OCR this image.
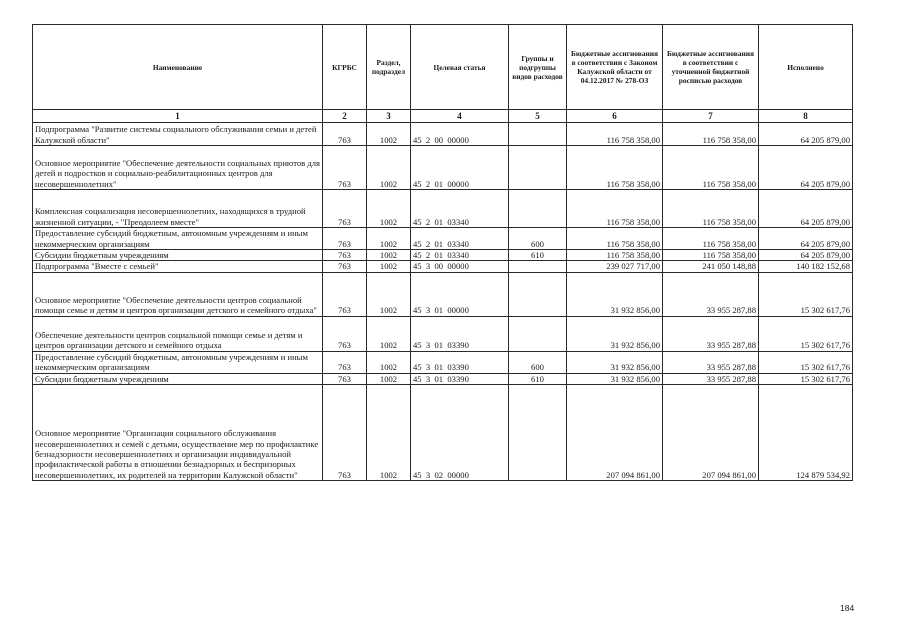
Наименование	КГРБС	Раздел, подраздел	Целевая статья	Группы и подгруппы видов расходов	Бюджетные ассигнования в соответствии с Законом Калужской области от 04.12.2017 № 278-ОЗ	Бюджетные ассигнования в соответствии с уточненной бюджетной росписью расходов	Исполнено
1	2	3	4	5	6	7	8
Подпрограмма "Развитие системы социального обслуживания семьи и детей Калужской области"	763	1002	45  2  00  00000		116 758 358,00	116 758 358,00	64 205 879,00
Основное мероприятие "Обеспечение деятельности социальных приютов для детей и подростков и социально-реабилитационных центров для несовершеннолетних"	763	1002	45  2  01  00000		116 758 358,00	116 758 358,00	64 205 879,00
Комплексная социализация несовершеннолетних, находящихся в трудной жизненной ситуации, - "Преодолеем вместе"	763	1002	45  2  01  03340		116 758 358,00	116 758 358,00	64 205 879,00
Предоставление субсидий бюджетным, автономным учреждениям и иным некоммерческим организациям	763	1002	45  2  01  03340	600	116 758 358,00	116 758 358,00	64 205 879,00
Субсидии бюджетным учреждениям	763	1002	45  2  01  03340	610	116 758 358,00	116 758 358,00	64 205 879,00
Подпрограмма "Вместе с семьей"	763	1002	45  3  00  00000		239 027 717,00	241 050 148,88	140 182 152,68
Основное мероприятие "Обеспечение деятельности центров социальной помощи семье и детям и центров организации детского и семейного отдыха"	763	1002	45  3  01  00000		31 932 856,00	33 955 287,88	15 302 617,76
Обеспечение деятельности центров социальной помощи семье и детям и центров организации детского и семейного отдыха	763	1002	45  3  01  03390		31 932 856,00	33 955 287,88	15 302 617,76
Предоставление субсидий бюджетным, автономным учреждениям и иным некоммерческим организациям	763	1002	45  3  01  03390	600	31 932 856,00	33 955 287,88	15 302 617,76
Субсидии бюджетным учреждениям	763	1002	45  3  01  03390	610	31 932 856,00	33 955 287,88	15 302 617,76
Основное мероприятие "Организация социального обслуживания несовершеннолетних и семей с детьми, осуществление мер по профилактике безнадзорности несовершеннолетних и организации индивидуальной профилактической работы в отношении безнадзорных и беспризорных несовершеннолетних, их родителей на территории Калужской области"	763	1002	45  3  02  00000		207 094 861,00	207 094 861,00	124 879 534,92
184
